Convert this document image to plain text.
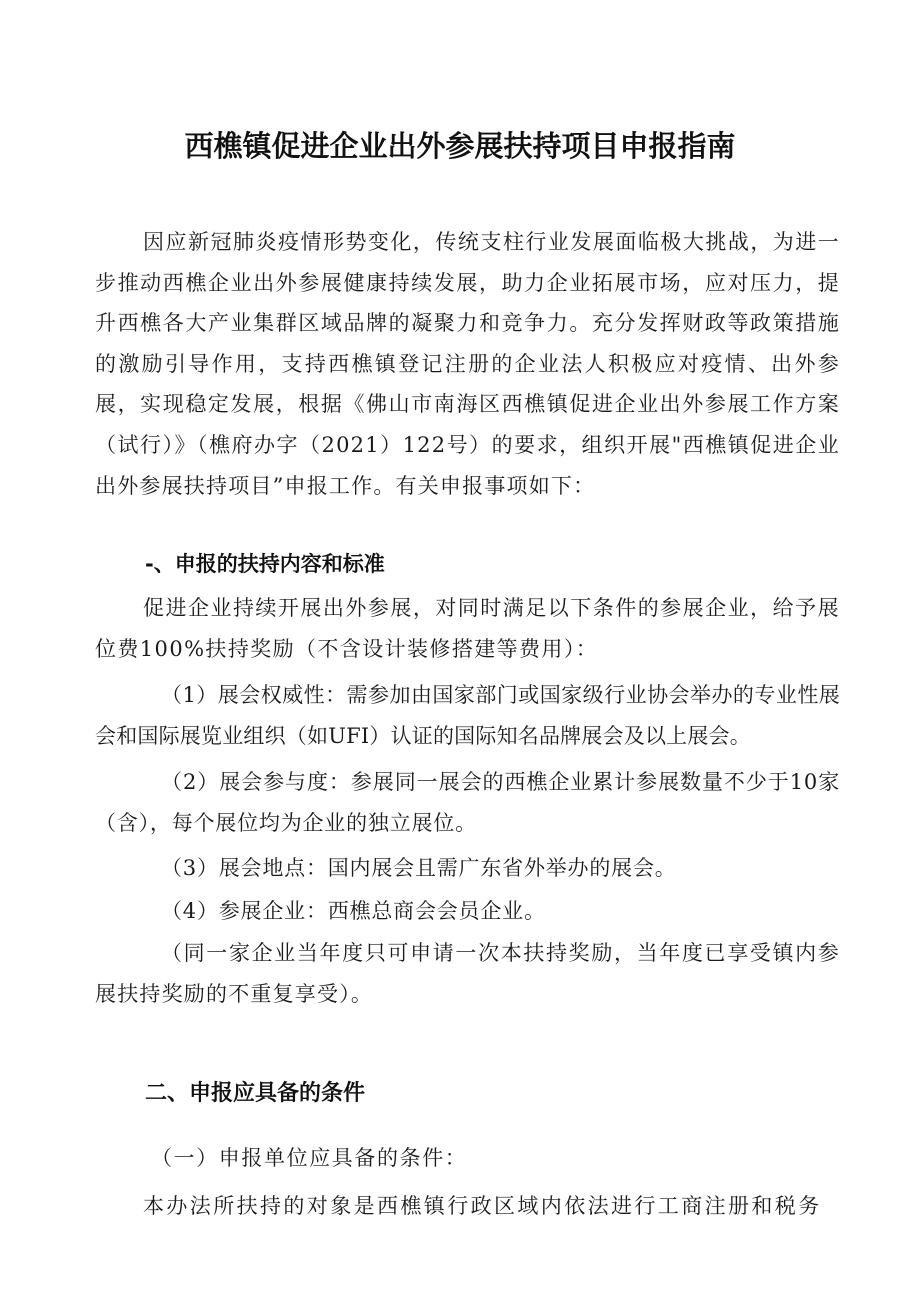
西樵镇促进企业出外参展扶持项目申报指南

因应新冠肺炎疫情形势变化，传统支柱行业发展面临极大挑战，为进一步推动西樵企业出外参展健康持续发展，助力企业拓展市场，应对压力，提升西樵各大产业集群区域品牌的凝聚力和竞争力。充分发挥财政等政策措施的激励引导作用，支持西樵镇登记注册的企业法人积极应对疫情、出外参展，实现稳定发展，根据《佛山市南海区西樵镇促进企业出外参展工作方案（试行）》（樵府办字（2021）122号）的要求，组织开展"西樵镇促进企业出外参展扶持项目”申报工作。有关申报事项如下：

-、申报的扶持内容和标准

促进企业持续开展出外参展，对同时满足以下条件的参展企业，给予展位费100%扶持奖励（不含设计装修搭建等费用）：

（1）展会权威性：需参加由国家部门或国家级行业协会举办的专业性展会和国际展览业组织（如UFI）认证的国际知名品牌展会及以上展会。

（2）展会参与度：参展同一展会的西樵企业累计参展数量不少于10家（含），每个展位均为企业的独立展位。

（3）展会地点：国内展会且需广东省外举办的展会。

（4）参展企业：西樵总商会会员企业。

（同一家企业当年度只可申请一次本扶持奖励，当年度已享受镇内参展扶持奖励的不重复享受）。

二、申报应具备的条件

（一）申报单位应具备的条件：

本办法所扶持的对象是西樵镇行政区域内依法进行工商注册和税务
